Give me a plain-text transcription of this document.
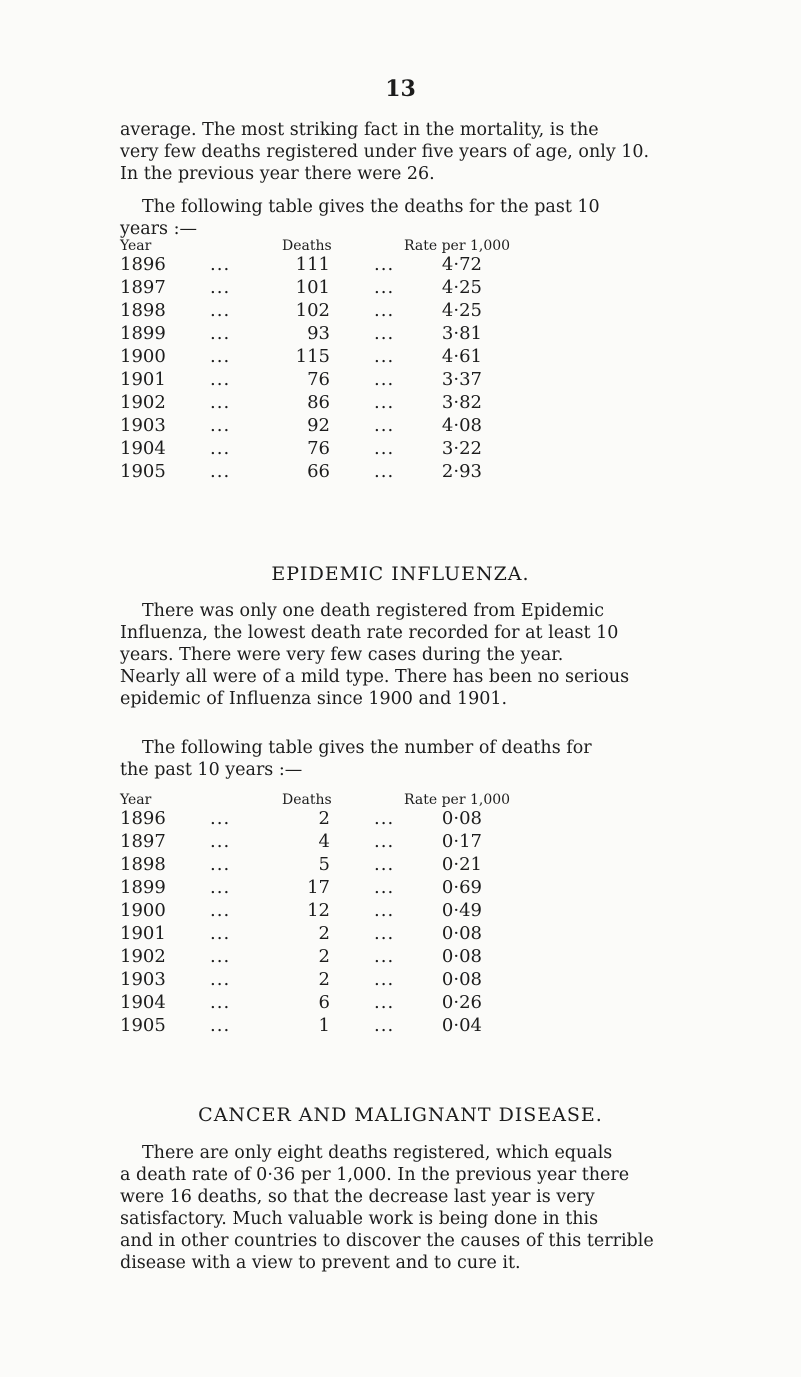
13

average. The most striking fact in the mortality, is the

very few deaths registered under five years of age, only 10.

In the previous year there were 26.

The following table gives the deaths for the past 10

years :—

Year	Deaths	Rate per 1,000
1896 ...	111 ...	4·72
1897 ...	101 ...	4·25
1898 ...	102 ...	4·25
1899 ...	93 ...	3·81
1900 ...	115 ...	4·61
1901 ...	76 ...	3·37
1902 ...	86 ...	3·82
1903 ...	92 ...	4·08
1904 ...	76 ...	3·22
1905 ...	66 ...	2·93
EPIDEMIC INFLUENZA.

There was only one death registered from Epidemic

Influenza, the lowest death rate recorded for at least 10

years. There were very few cases during the year.

Nearly all were of a mild type. There has been no serious

epidemic of Influenza since 1900 and 1901.

The following table gives the number of deaths for

the past 10 years :—

Year	Deaths	Rate per 1,000
1896 ...	2 ...	0·08
1897 ...	4 ...	0·17
1898 ...	5 ...	0·21
1899 ...	17 ...	0·69
1900 ...	12 ...	0·49
1901 ...	2 ...	0·08
1902 ...	2 ...	0·08
1903 ...	2 ...	0·08
1904 ...	6 ...	0·26
1905 ...	1 ...	0·04
CANCER AND MALIGNANT DISEASE.

There are only eight deaths registered, which equals

a death rate of 0·36 per 1,000. In the previous year there

were 16 deaths, so that the decrease last year is very

satisfactory. Much valuable work is being done in this

and in other countries to discover the causes of this terrible

disease with a view to prevent and to cure it.
